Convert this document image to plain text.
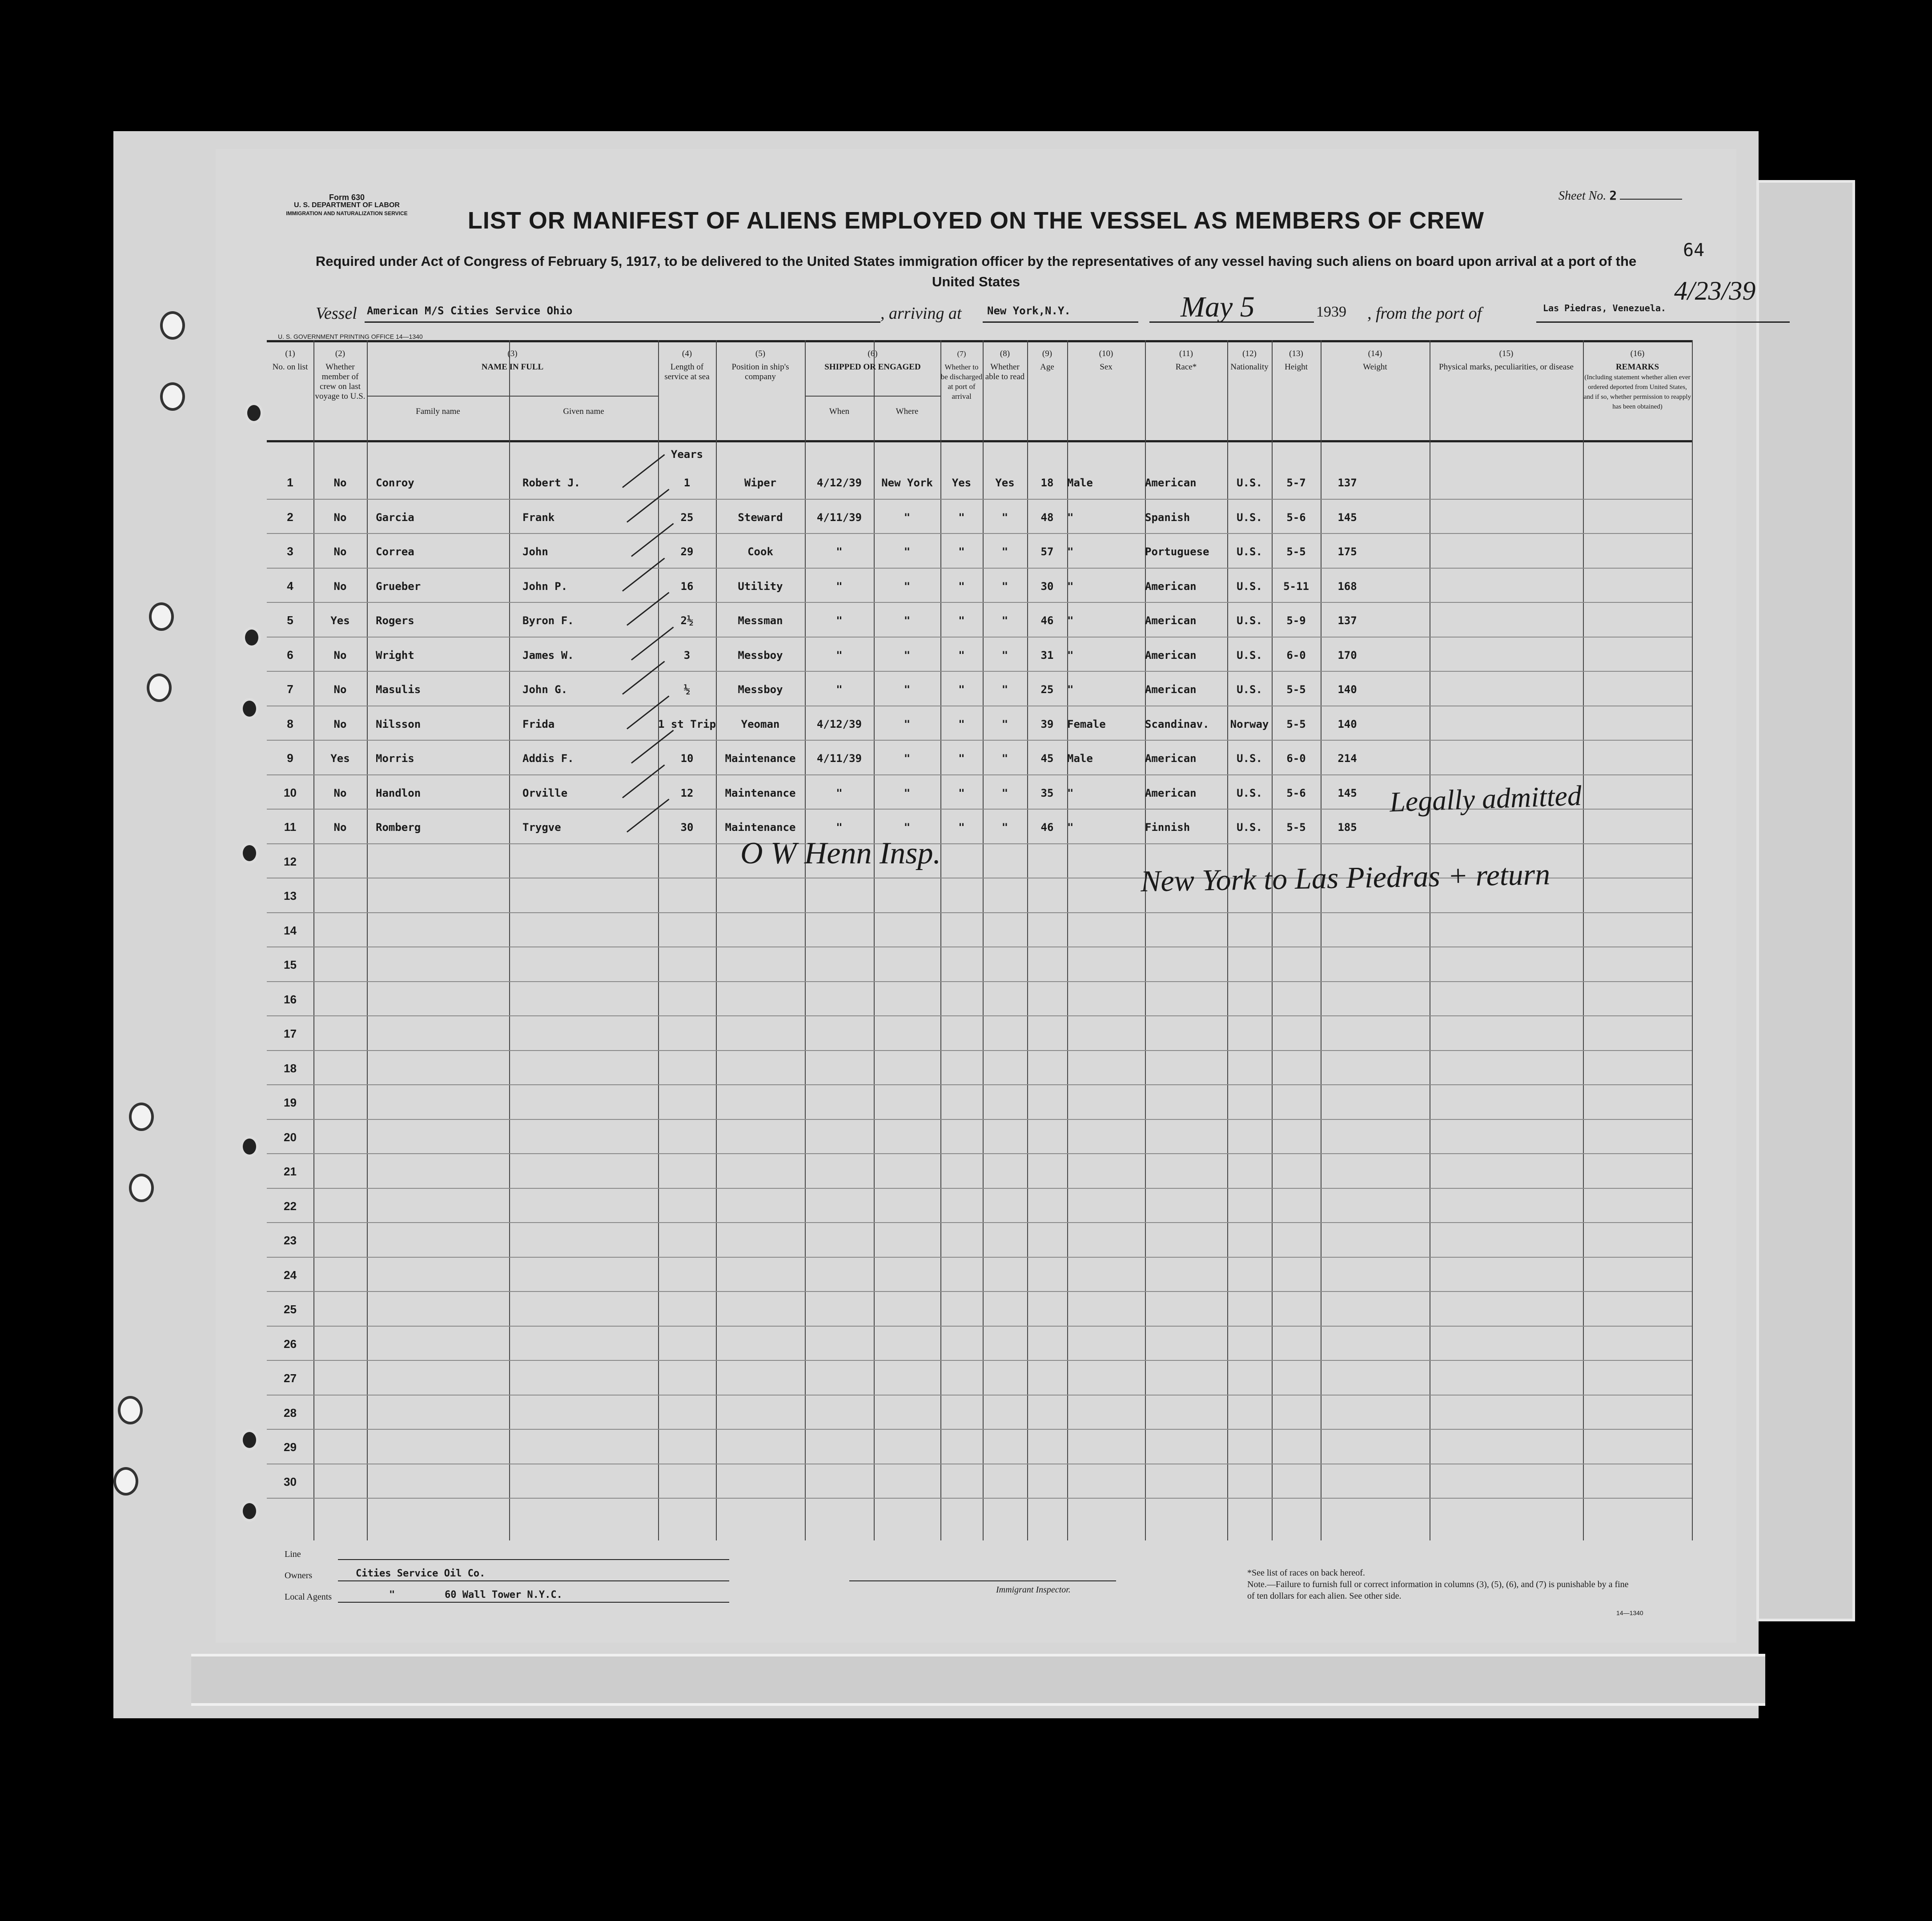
Form 630
U. S. DEPARTMENT OF LABOR
IMMIGRATION AND NATURALIZATION SERVICE
Sheet No. 2
64
LIST OR MANIFEST OF ALIENS EMPLOYED ON THE VESSEL AS MEMBERS OF CREW
Required under Act of Congress of February 5, 1917, to be delivered to the United States immigration officer by the representatives of any vessel having such aliens on board upon arrival at a port of the United States
Vessel American M/S Cities Service Ohio	, arriving at New York,N.Y.	May 5	1939 , from the port of	Las Piedras, Venezuela.
4/23/39
U. S. GOVERNMENT PRINTING OFFICE 14—1340
(1)
No. on list
(2)
Whether member of crew on last voyage to U.S.
(3)
NAME IN FULL
Family name	Given name
(4)
Length of service at sea
(5)
Position in ship's company
(6)
SHIPPED OR ENGAGED
When	Where
(7)
Whether to be discharged at port of arrival
(8)
Whether able to read
(9)
Age
(10)
Sex
(11)
Race*
(12)
Nationality
(13)
Height
(14)
Weight
(15)
Physical marks, peculiarities, or disease
(16)
REMARKS
(Including statement whether alien ever ordered deported from United States, and if so, whether permission to reapply has been obtained)
Years
1	No	Conroy	Robert J.	1	Wiper	4/12/39	New York	Yes	Yes	18	Male	American	U.S.	5-7	137
2	No	Garcia	Frank	25	Steward	4/11/39	"	"	"	48	"	Spanish	U.S.	5-6	145
3	No	Correa	John	29	Cook	"	"	"	"	57	"	Portuguese	U.S.	5-5	175
4	No	Grueber	John P.	16	Utility	"	"	"	"	30	"	American	U.S.	5-11	168
5	Yes	Rogers	Byron F.	2½	Messman	"	"	"	"	46	"	American	U.S.	5-9	137
6	No	Wright	James W.	3	Messboy	"	"	"	"	31	"	American	U.S.	6-0	170
7	No	Masulis	John G.	½	Messboy	"	"	"	"	25	"	American	U.S.	5-5	140
8	No	Nilsson	Frida	1 st Trip	Yeoman	4/12/39	"	"	"	39	Female	Scandinav.	Norway	5-5	140
9	Yes	Morris	Addis F.	10	Maintenance	4/11/39	"	"	"	45	Male	American	U.S.	6-0	214
10	No	Handlon	Orville	12	Maintenance	"	"	"	"	35	"	American	U.S.	5-6	145
11	No	Romberg	Trygve	30	Maintenance	"	"	"	"	46	"	Finnish	U.S.	5-5	185
12
13
14
15
16
17
18
19
20
21
22
23
24
25
26
27
28
29
30
Legally admitted
O W Henn Insp.
New York to Las Piedras + return
Line
Owners	Cities Service Oil Co.
Local Agents	"	60 Wall Tower N.Y.C.	Immigrant Inspector.
*See list of races on back hereof.
Note.—Failure to furnish full or correct information in columns (3), (5), (6), and (7) is punishable by a fine of ten dollars for each alien. See other side.
14—1340
